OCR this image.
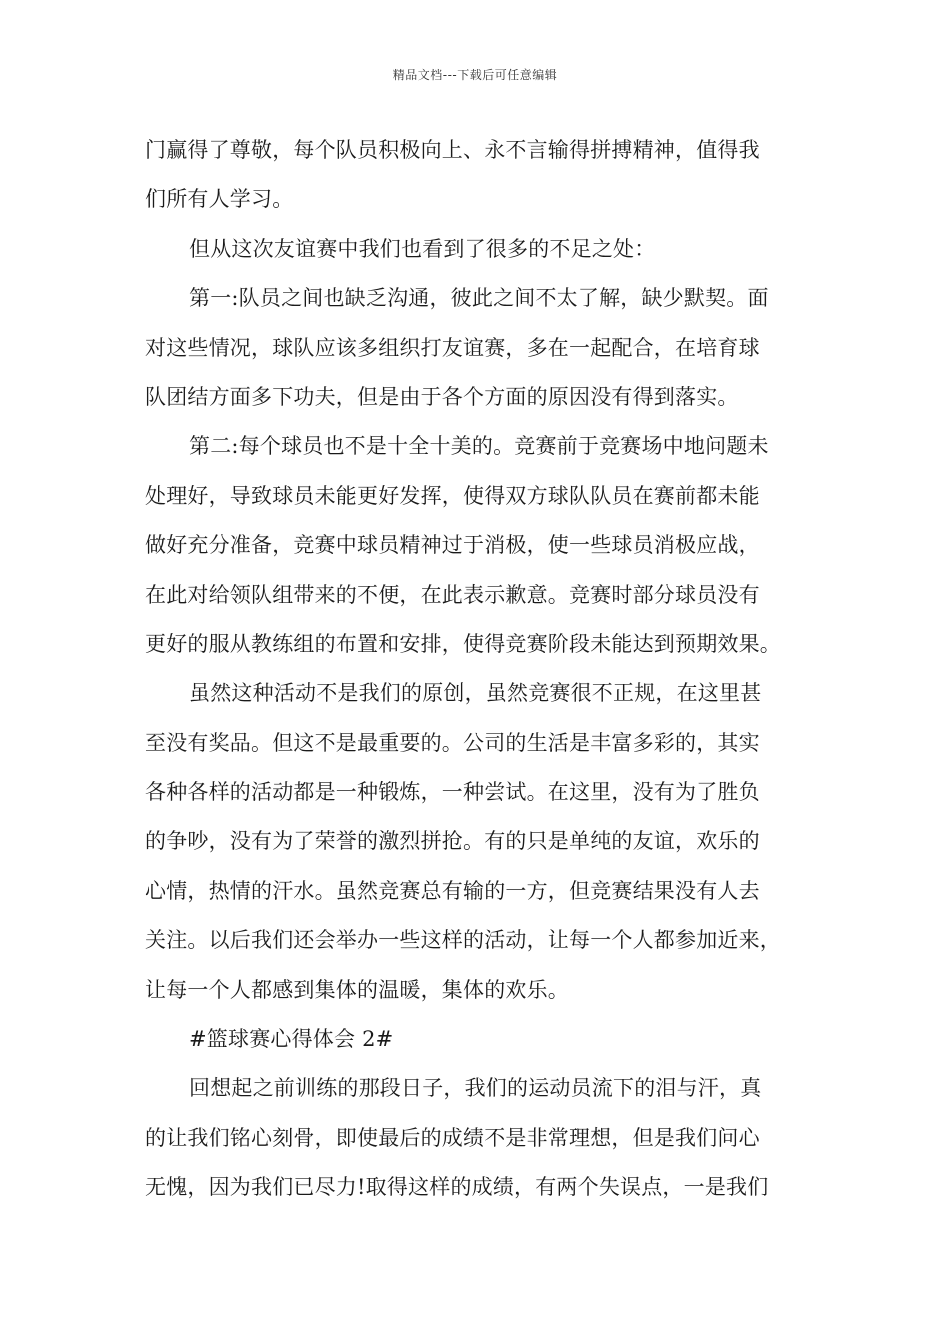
精品文档---下载后可任意编辑
门赢得了尊敬，每个队员积极向上、永不言输得拼搏精神，值得我
们所有人学习。
但从这次友谊赛中我们也看到了很多的不足之处：
第一:队员之间也缺乏沟通，彼此之间不太了解，缺少默契。面
对这些情况，球队应该多组织打友谊赛，多在一起配合，在培育球
队团结方面多下功夫，但是由于各个方面的原因没有得到落实。
第二:每个球员也不是十全十美的。竞赛前于竞赛场中地问题未
处理好，导致球员未能更好发挥，使得双方球队队员在赛前都未能
做好充分准备，竞赛中球员精神过于消极，使一些球员消极应战，
在此对给领队组带来的不便，在此表示歉意。竞赛时部分球员没有
更好的服从教练组的布置和安排，使得竞赛阶段未能达到预期效果。
虽然这种活动不是我们的原创，虽然竞赛很不正规，在这里甚
至没有奖品。但这不是最重要的。公司的生活是丰富多彩的，其实
各种各样的活动都是一种锻炼，一种尝试。在这里，没有为了胜负
的争吵，没有为了荣誉的激烈拼抢。有的只是单纯的友谊，欢乐的
心情，热情的汗水。虽然竞赛总有输的一方，但竞赛结果没有人去
关注。以后我们还会举办一些这样的活动，让每一个人都参加近来，
让每一个人都感到集体的温暖，集体的欢乐。
#篮球赛心得体会 2#
回想起之前训练的那段日子，我们的运动员流下的泪与汗，真
的让我们铭心刻骨，即使最后的成绩不是非常理想，但是我们问心
无愧，因为我们已尽力!取得这样的成绩，有两个失误点，一是我们
